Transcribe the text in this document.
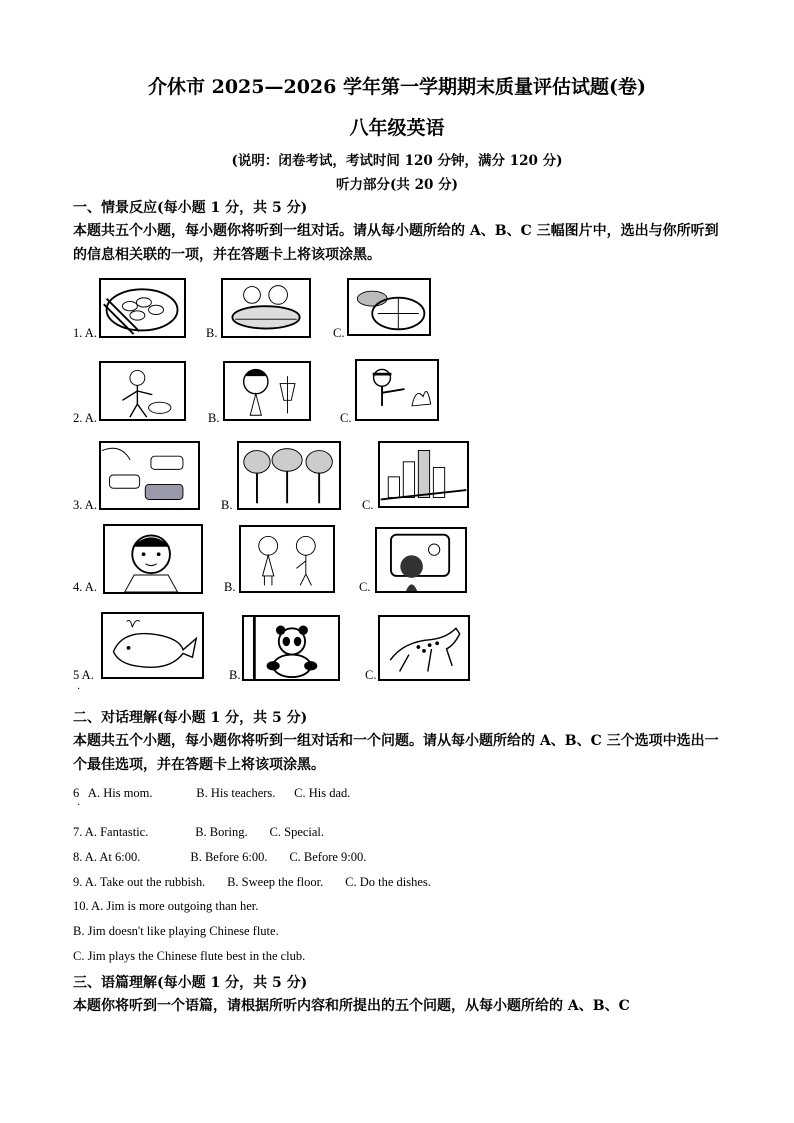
介休市 2025—2026 学年第一学期期末质量评估试题(卷)
八年级英语
(说明：闭卷考试，考试时间 120 分钟，满分 120 分)
听力部分(共 20 分)
一、情景反应(每小题 1 分，共 5 分)
本题共五个小题，每小题你将听到一组对话。请从每小题所给的 A、B、C 三幅图片中，选出与你所听到的信息相关联的一项，并在答题卡上将该项涂黑。
1. A.	B.	C.
2. A.	B.	C.
3. A.	B.	C.
4. A.	B.	C.
5 A.	B.	C.
·
二、对话理解(每小题 1 分，共 5 分)
本题共五个小题，每小题你将听到一组对话和一个问题。请从每小题所给的 A、B、C 三个选项中选出一个最佳选项，并在答题卡上将该项涂黑。
6   A. His mom.              B. His teachers.      C. His dad.
·
7. A. Fantastic.               B. Boring.       C. Special.
8. A. At 6:00.                B. Before 6:00.       C. Before 9:00.
9. A. Take out the rubbish.       B. Sweep the floor.       C. Do the dishes.
10. A. Jim is more outgoing than her.
B. Jim doesn't like playing Chinese flute.
C. Jim plays the Chinese flute best in the club.
三、语篇理解(每小题 1 分，共 5 分)
本题你将听到一个语篇，请根据所听内容和所提出的五个问题，从每小题所给的 A、B、C
